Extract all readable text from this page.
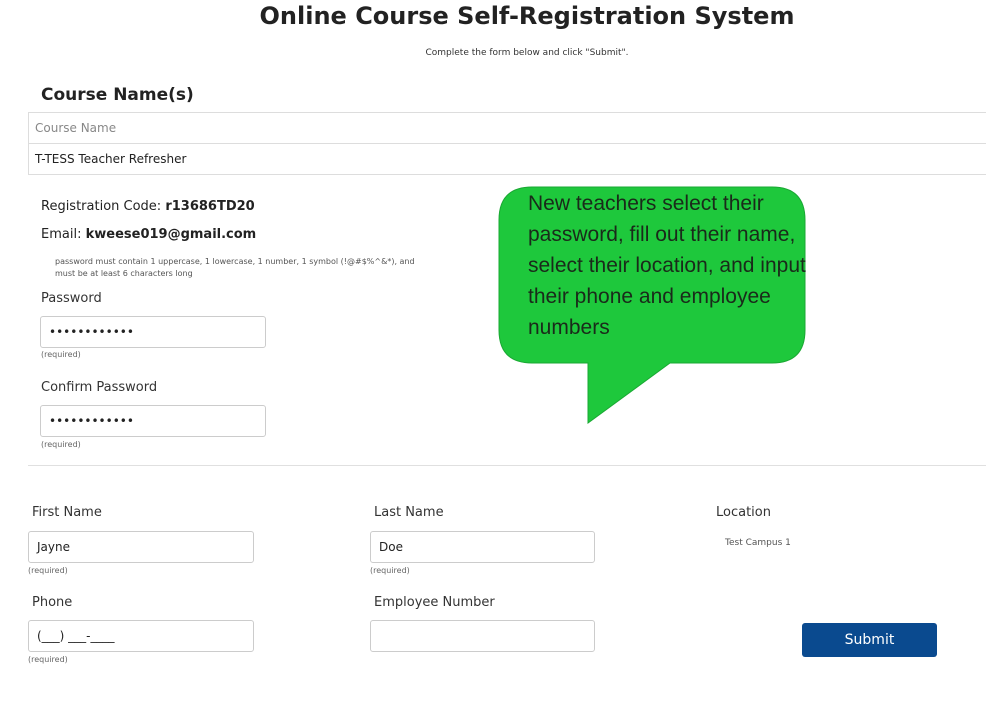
Online Course Self-Registration System
Complete the form below and click "Submit".
Course Name(s)
Course Name
T-TESS Teacher Refresher
Registration Code: r13686TD20
Email: kweese019@gmail.com
password must contain 1 uppercase, 1 lowercase, 1 number, 1 symbol (!@#$%^&*), and must be at least 6 characters long
Password
••••••••••••
(required)
Confirm Password
••••••••••••
(required)
New teachers select their password, fill out their name, select their location, and input their phone and employee numbers
First Name
Jayne
(required)
Last Name
Doe
(required)
Location
Test Campus 1
Phone
(___) ___-____
(required)
Employee Number
Submit
